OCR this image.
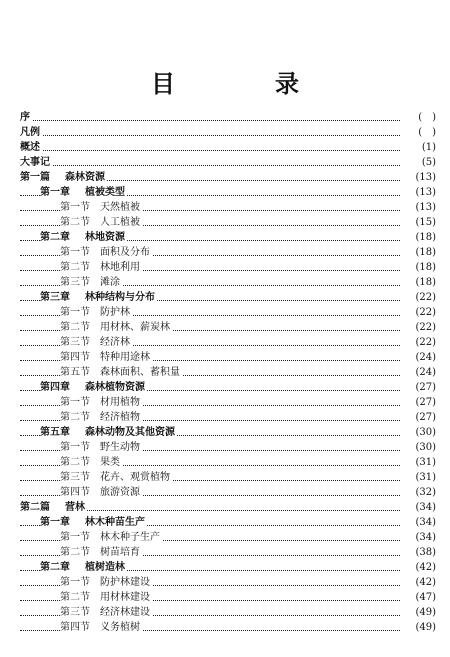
目　录
序	(　)
凡例	(　)
概述	(1)
大事记	(5)
第一篇 森林资源	(13)
第一章 植被类型	(13)
第一节 天然植被	(13)
第二节 人工植被	(15)
第二章 林地资源	(18)
第一节 面积及分布	(18)
第二节 林地利用	(18)
第三节 滩涂	(18)
第三章 林种结构与分布	(22)
第一节 防护林	(22)
第二节 用材林、薪炭林	(22)
第三节 经济林	(22)
第四节 特种用途林	(24)
第五节 森林面积、蓄积量	(24)
第四章 森林植物资源	(27)
第一节 材用植物	(27)
第二节 经济植物	(27)
第五章 森林动物及其他资源	(30)
第一节 野生动物	(30)
第二节 果类	(31)
第三节 花卉、观赏植物	(31)
第四节 旅游资源	(32)
第二篇 营林	(34)
第一章 林木种苗生产	(34)
第一节 林木种子生产	(34)
第二节 树苗培育	(38)
第二章 植树造林	(42)
第一节 防护林建设	(42)
第二节 用材林建设	(47)
第三节 经济林建设	(49)
第四节 义务植树	(49)
